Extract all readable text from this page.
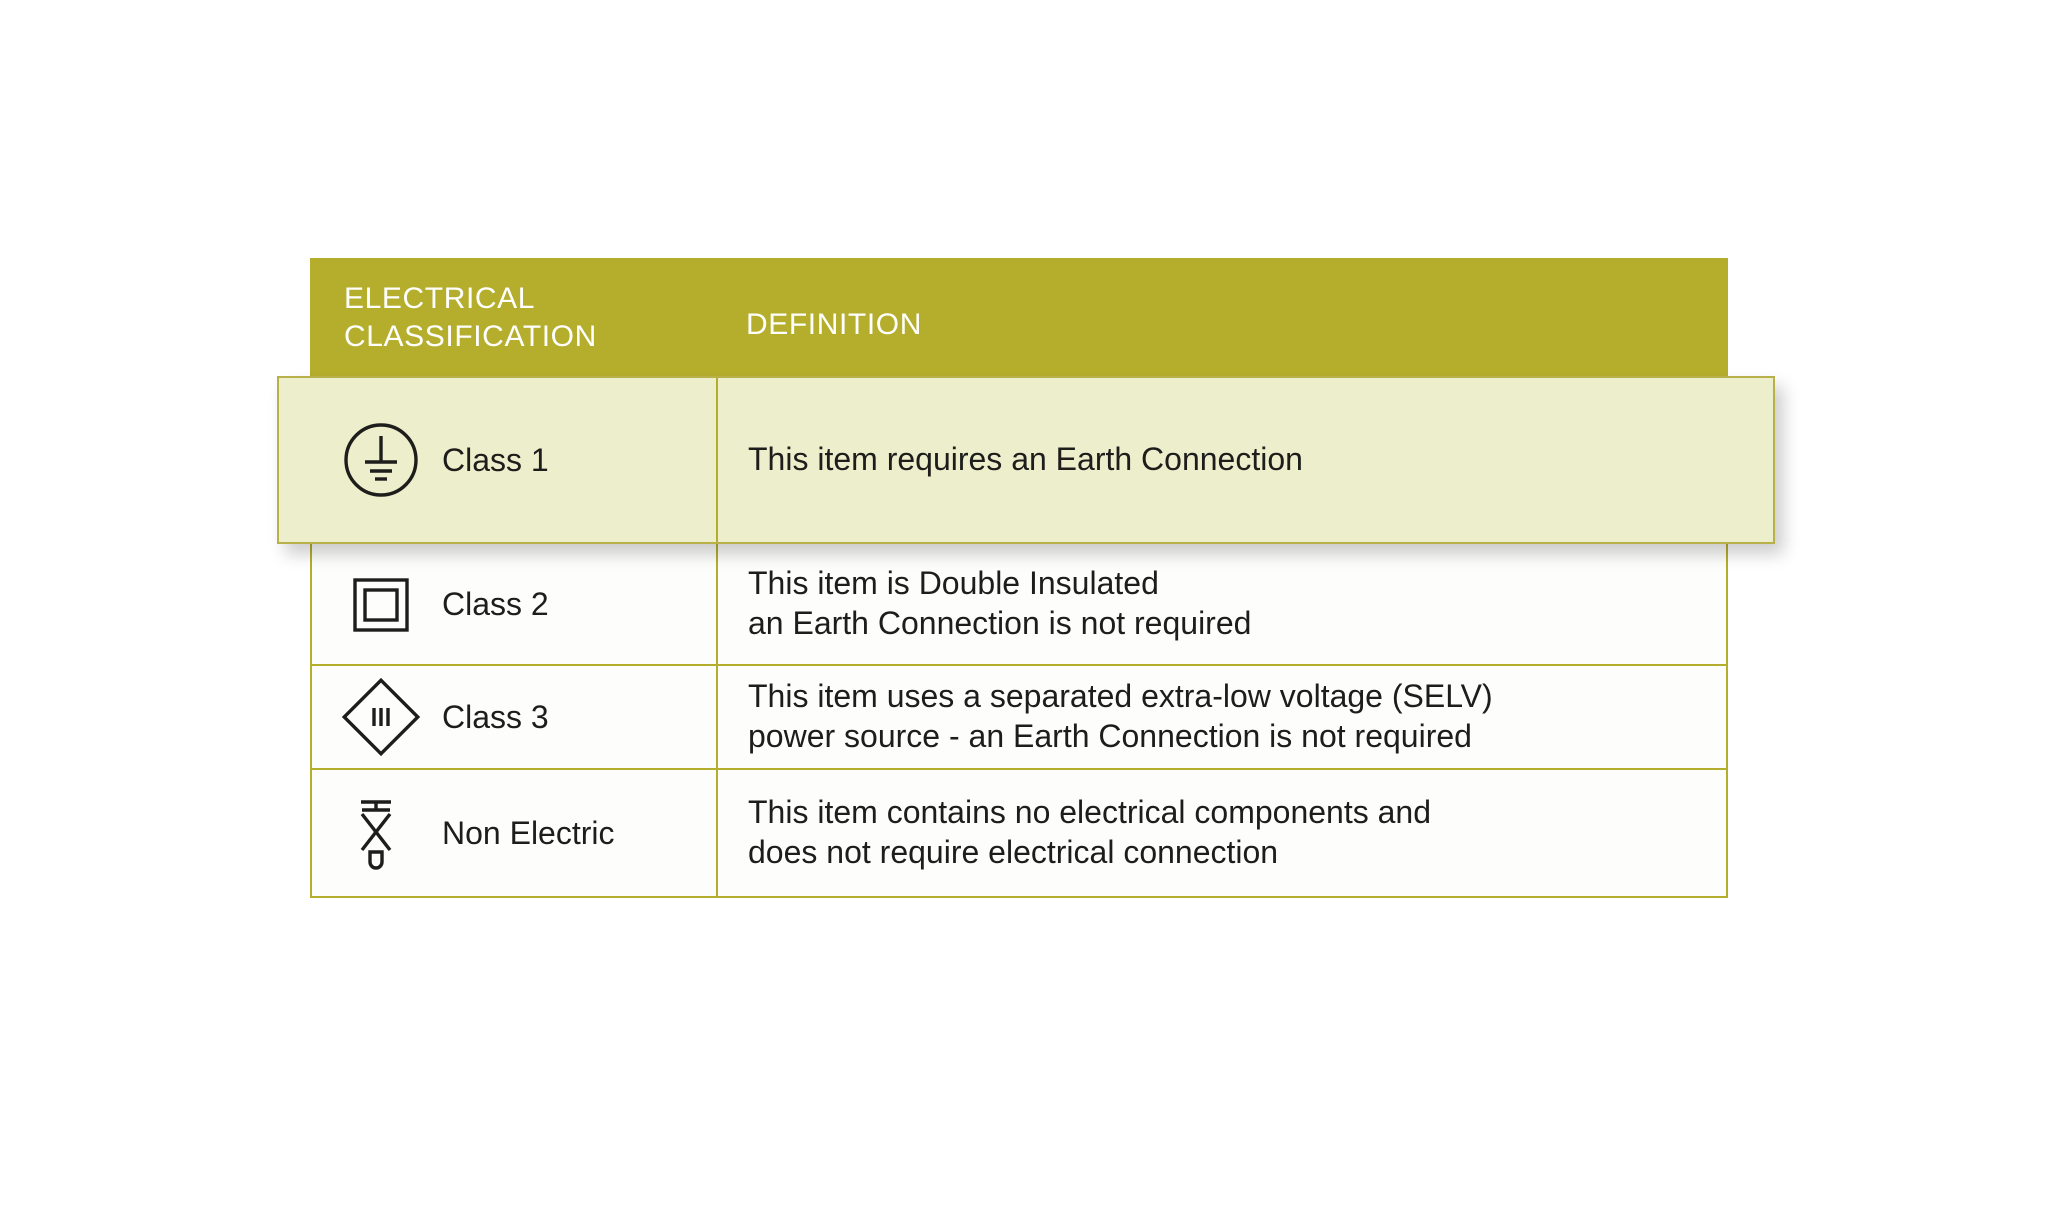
ELECTRICAL
CLASSIFICATION	DEFINITION
Class 1	This item requires an Earth Connection
Class 2
This item is Double Insulated
an Earth Connection is not required
Class 3
This item uses a separated extra-low voltage (SELV)
power source - an Earth Connection is not required
Non Electric
This item contains no electrical components and
does not require electrical connection
